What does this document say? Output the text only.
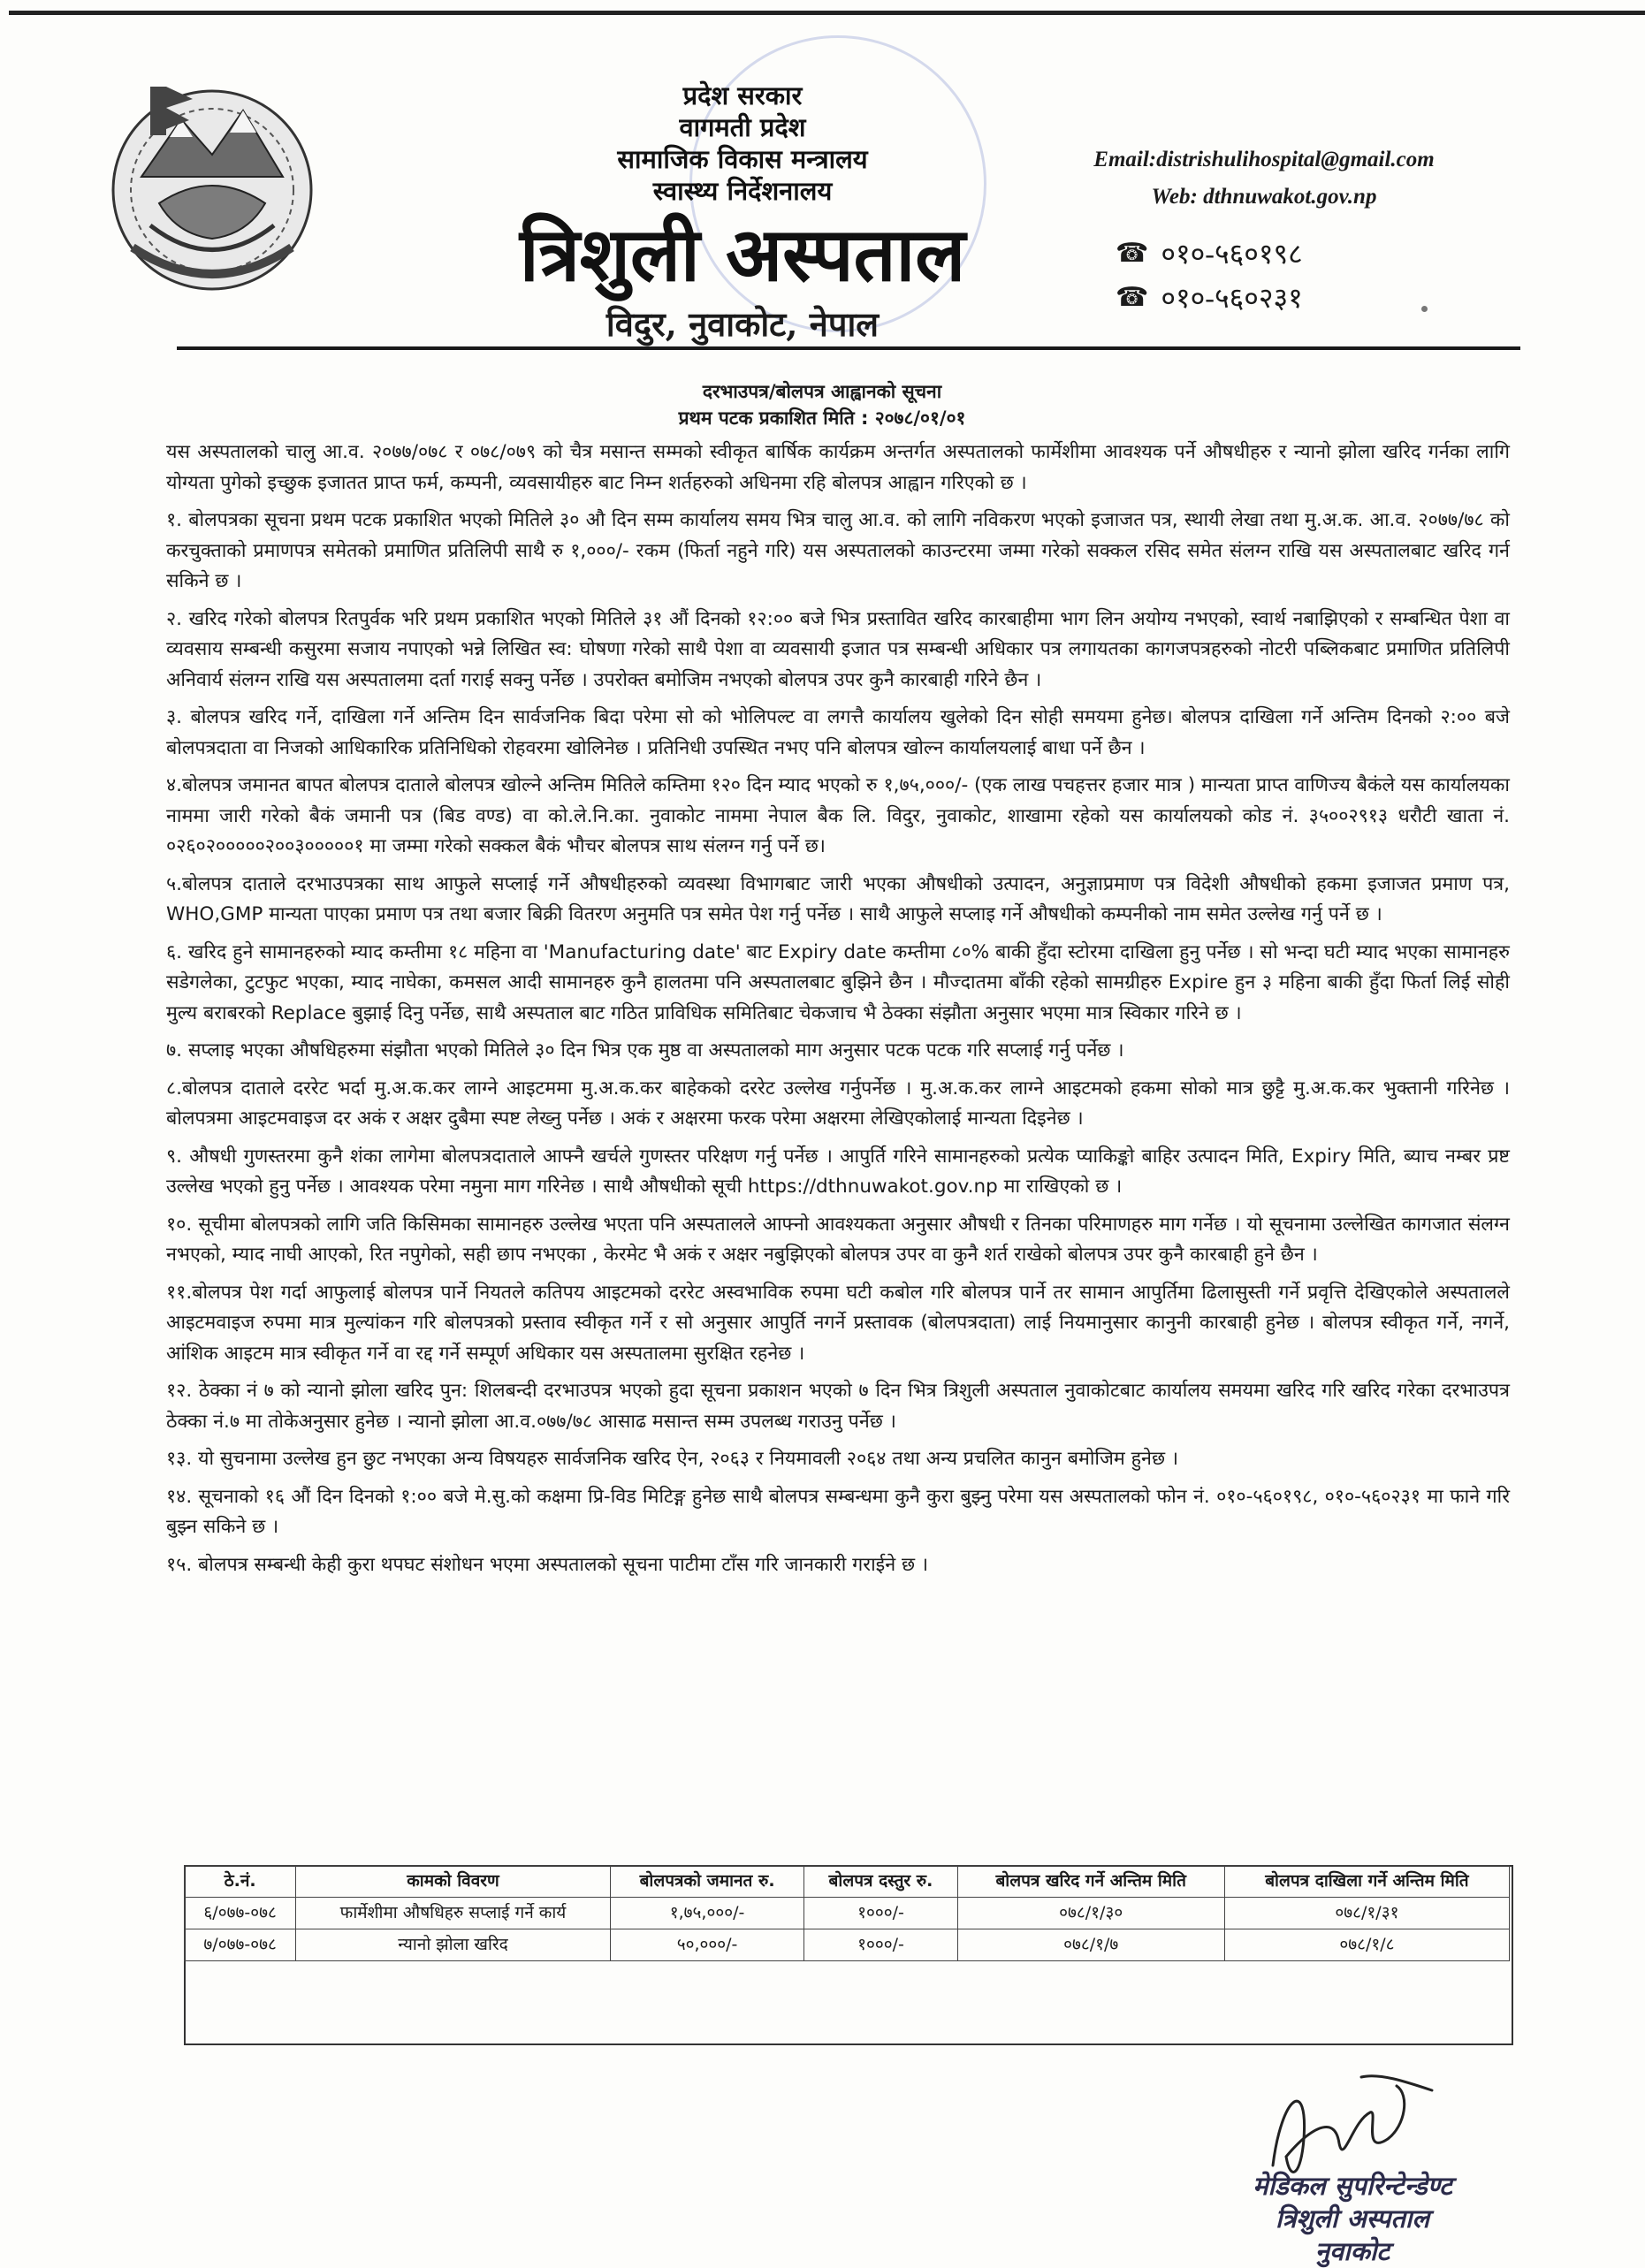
प्रदेश सरकार
वागमती प्रदेश
सामाजिक विकास मन्त्रालय
स्वास्थ्य निर्देशनालय
त्रिशुली अस्पताल
विदुर, नुवाकोट, नेपाल
Email:distrishulihospital@gmail.com
Web: dthnuwakot.gov.np
☎ ०१०-५६०१९८
☎ ०१०-५६०२३१
दरभाउपत्र/बोलपत्र आह्वानको सूचना
प्रथम पटक प्रकाशित मिति : २०७८/०१/०१

यस अस्पतालको चालु आ.व. २०७७/०७८ र ०७८/०७९ को चैत्र मसान्त सम्मको स्वीकृत बार्षिक कार्यक्रम अन्तर्गत अस्पतालको फार्मेशीमा आवश्यक पर्ने औषधीहरु र न्यानो झोला खरिद गर्नका लागि योग्यता पुगेको इच्छुक इजातत प्राप्त फर्म, कम्पनी, व्यवसायीहरु बाट निम्न शर्तहरुको अधिनमा रहि बोलपत्र आह्वान गरिएको छ ।

१. बोलपत्रका सूचना प्रथम पटक प्रकाशित भएको मितिले ३० औ दिन सम्म कार्यालय समय भित्र चालु आ.व. को लागि नविकरण भएको इजाजत पत्र, स्थायी लेखा तथा मु.अ.क. आ.व. २०७७/७८ को करचुक्ताको प्रमाणपत्र समेतको प्रमाणित प्रतिलिपी साथै रु १,०००/- रकम (फिर्ता नहुने गरि) यस अस्पतालको काउन्टरमा जम्मा गरेको सक्कल रसिद समेत संलग्न राखि यस अस्पतालबाट खरिद गर्न सकिने छ ।

२. खरिद गरेको बोलपत्र रितपुर्वक भरि प्रथम प्रकाशित भएको मितिले ३१ औं दिनको १२:०० बजे भित्र प्रस्तावित खरिद कारबाहीमा भाग लिन अयोग्य नभएको, स्वार्थ नबाझिएको र सम्बन्धित पेशा वा व्यवसाय सम्बन्धी कसुरमा सजाय नपाएको भन्ने लिखित स्व: घोषणा गरेको साथै पेशा वा व्यवसायी इजात पत्र सम्बन्धी अधिकार पत्र लगायतका कागजपत्रहरुको नोटरी पब्लिकबाट प्रमाणित प्रतिलिपी अनिवार्य संलग्न राखि यस अस्पतालमा दर्ता गराई सक्नु पर्नेछ । उपरोक्त बमोजिम नभएको बोलपत्र उपर कुनै कारबाही गरिने छैन ।

३. बोलपत्र खरिद गर्ने, दाखिला गर्ने अन्तिम दिन सार्वजनिक बिदा परेमा सो को भोलिपल्ट वा लगत्तै कार्यालय खुलेको दिन सोही समयमा हुनेछ। बोलपत्र दाखिला गर्ने अन्तिम दिनको २:०० बजे बोलपत्रदाता वा निजको आधिकारिक प्रतिनिधिको रोहवरमा खोलिनेछ । प्रतिनिधी उपस्थित नभए पनि बोलपत्र खोल्न कार्यालयलाई बाधा पर्ने छैन ।

४.बोलपत्र जमानत बापत बोलपत्र दाताले बोलपत्र खोल्ने अन्तिम मितिले कम्तिमा १२० दिन म्याद भएको रु १,७५,०००/- (एक लाख पचहत्तर हजार मात्र ) मान्यता प्राप्त वाणिज्य बैकंले यस कार्यालयका नाममा जारी गरेको बैकं जमानी पत्र (बिड वण्ड) वा को.ले.नि.का. नुवाकोट नाममा नेपाल बैक लि. विदुर, नुवाकोट, शाखामा रहेको यस कार्यालयको कोड नं. ३५००२९१३ धरौटी खाता नं. ०२६०२०००००२००३०००००१ मा जम्मा गरेको सक्कल बैकं भौचर बोलपत्र साथ संलग्न गर्नु पर्ने छ।

५.बोलपत्र दाताले दरभाउपत्रका साथ आफुले सप्लाई गर्ने औषधीहरुको व्यवस्था विभागबाट जारी भएका औषधीको उत्पादन, अनुज्ञाप्रमाण पत्र विदेशी औषधीको हकमा इजाजत प्रमाण पत्र, WHO,GMP मान्यता पाएका प्रमाण पत्र तथा बजार बिक्री वितरण अनुमति पत्र समेत पेश गर्नु पर्नेछ । साथै आफुले सप्लाइ गर्ने औषधीको कम्पनीको नाम समेत उल्लेख गर्नु पर्ने छ ।

६. खरिद हुने सामानहरुको म्याद कम्तीमा १८ महिना वा 'Manufacturing date' बाट Expiry date कम्तीमा ८०% बाकी हुँदा स्टोरमा दाखिला हुनु पर्नेछ । सो भन्दा घटी म्याद भएका सामानहरु सडेगलेका, टुटफुट भएका, म्याद नाघेका, कमसल आदी सामानहरु कुनै हालतमा पनि अस्पतालबाट बुझिने छैन । मौज्दातमा बाँकी रहेको सामग्रीहरु Expire हुन ३ महिना बाकी हुँदा फिर्ता लिई सोही मुल्य बराबरको Replace बुझाई दिनु पर्नेछ, साथै अस्पताल बाट गठित प्राविधिक समितिबाट चेकजाच भै ठेक्का संझौता अनुसार भएमा मात्र स्विकार गरिने छ ।

७. सप्लाइ भएका औषधिहरुमा संझौता भएको मितिले ३० दिन भित्र एक मुष्ठ वा अस्पतालको माग अनुसार पटक पटक गरि सप्लाई गर्नु पर्नेछ ।

८.बोलपत्र दाताले दररेट भर्दा मु.अ.क.कर लाग्ने आइटममा मु.अ.क.कर बाहेकको दररेट उल्लेख गर्नुपर्नेछ । मु.अ.क.कर लाग्ने आइटमको हकमा सोको मात्र छुट्टै मु.अ.क.कर भुक्तानी गरिनेछ । बोलपत्रमा आइटमवाइज दर अकं र अक्षर दुबैमा स्पष्ट लेख्नु पर्नेछ । अकं र अक्षरमा फरक परेमा अक्षरमा लेखिएकोलाई मान्यता दिइनेछ ।

९. औषधी गुणस्तरमा कुनै शंका लागेमा बोलपत्रदाताले आफ्नै खर्चले गुणस्तर परिक्षण गर्नु पर्नेछ । आपुर्ति गरिने सामानहरुको प्रत्येक प्याकिङ्को बाहिर उत्पादन मिति, Expiry मिति, ब्याच नम्बर प्रष्ट उल्लेख भएको हुनु पर्नेछ । आवश्यक परेमा नमुना माग गरिनेछ । साथै औषधीको सूची https://dthnuwakot.gov.np मा राखिएको छ ।

१०. सूचीमा बोलपत्रको लागि जति किसिमका सामानहरु उल्लेख भएता पनि अस्पतालले आफ्नो आवश्यकता अनुसार औषधी र तिनका परिमाणहरु माग गर्नेछ । यो सूचनामा उल्लेखित कागजात संलग्न नभएको, म्याद नाघी आएको, रित नपुगेको, सही छाप नभएका , केरमेट भै अकं र अक्षर नबुझिएको बोलपत्र उपर वा कुनै शर्त राखेको बोलपत्र उपर कुनै कारबाही हुने छैन ।

११.बोलपत्र पेश गर्दा आफुलाई बोलपत्र पार्ने नियतले कतिपय आइटमको दररेट अस्वभाविक रुपमा घटी कबोल गरि बोलपत्र पार्ने तर सामान आपुर्तिमा ढिलासुस्ती गर्ने प्रवृत्ति देखिएकोले अस्पतालले आइटमवाइज रुपमा मात्र मुल्यांकन गरि बोलपत्रको प्रस्ताव स्वीकृत गर्ने र सो अनुसार आपुर्ति नगर्ने प्रस्तावक (बोलपत्रदाता) लाई नियमानुसार कानुनी कारबाही हुनेछ । बोलपत्र स्वीकृत गर्ने, नगर्ने, आंशिक आइटम मात्र स्वीकृत गर्ने वा रद्द गर्ने सम्पूर्ण अधिकार यस अस्पतालमा सुरक्षित रहनेछ ।

१२. ठेक्का नं ७ को न्यानो झोला खरिद पुन: शिलबन्दी दरभाउपत्र भएको हुदा सूचना प्रकाशन भएको ७ दिन भित्र त्रिशुली अस्पताल नुवाकोटबाट कार्यालय समयमा खरिद गरि खरिद गरेका दरभाउपत्र ठेक्का नं.७ मा तोकेअनुसार हुनेछ । न्यानो झोला आ.व.०७७/७८ आसाढ मसान्त सम्म उपलब्ध गराउनु पर्नेछ ।

१३. यो सुचनामा उल्लेख हुन छुट नभएका अन्य विषयहरु सार्वजनिक खरिद ऐन, २०६३ र नियमावली २०६४ तथा अन्य प्रचलित कानुन बमोजिम हुनेछ ।

१४. सूचनाको १६ औं दिन दिनको १:०० बजे मे.सु.को कक्षमा प्रि-विड मिटिङ्ग हुनेछ साथै बोलपत्र सम्बन्धमा कुनै कुरा बुझ्नु परेमा यस अस्पतालको फोन नं. ०१०-५६०१९८, ०१०-५६०२३१ मा फाने गरि बुझ्न सकिने छ ।

१५. बोलपत्र सम्बन्धी केही कुरा थपघट संशोधन भएमा अस्पतालको सूचना पाटीमा टाँस गरि जानकारी गराईने छ ।

ठे.नं.	कामको विवरण	बोलपत्रको जमानत रु.	बोलपत्र दस्तुर रु.	बोलपत्र खरिद गर्ने अन्तिम मिति	बोलपत्र दाखिला गर्ने अन्तिम मिति
६/०७७-०७८	फार्मेशीमा औषधिहरु सप्लाई गर्ने कार्य	१,७५,०००/-	१०००/-	०७८/१/३०	०७८/१/३१
७/०७७-०७८	न्यानो झोला खरिद	५०,०००/-	१०००/-	०७८/१/७	०७८/१/८
मेडिकल सुपरिन्टेन्डेण्ट
त्रिशुली अस्पताल
नुवाकोट
